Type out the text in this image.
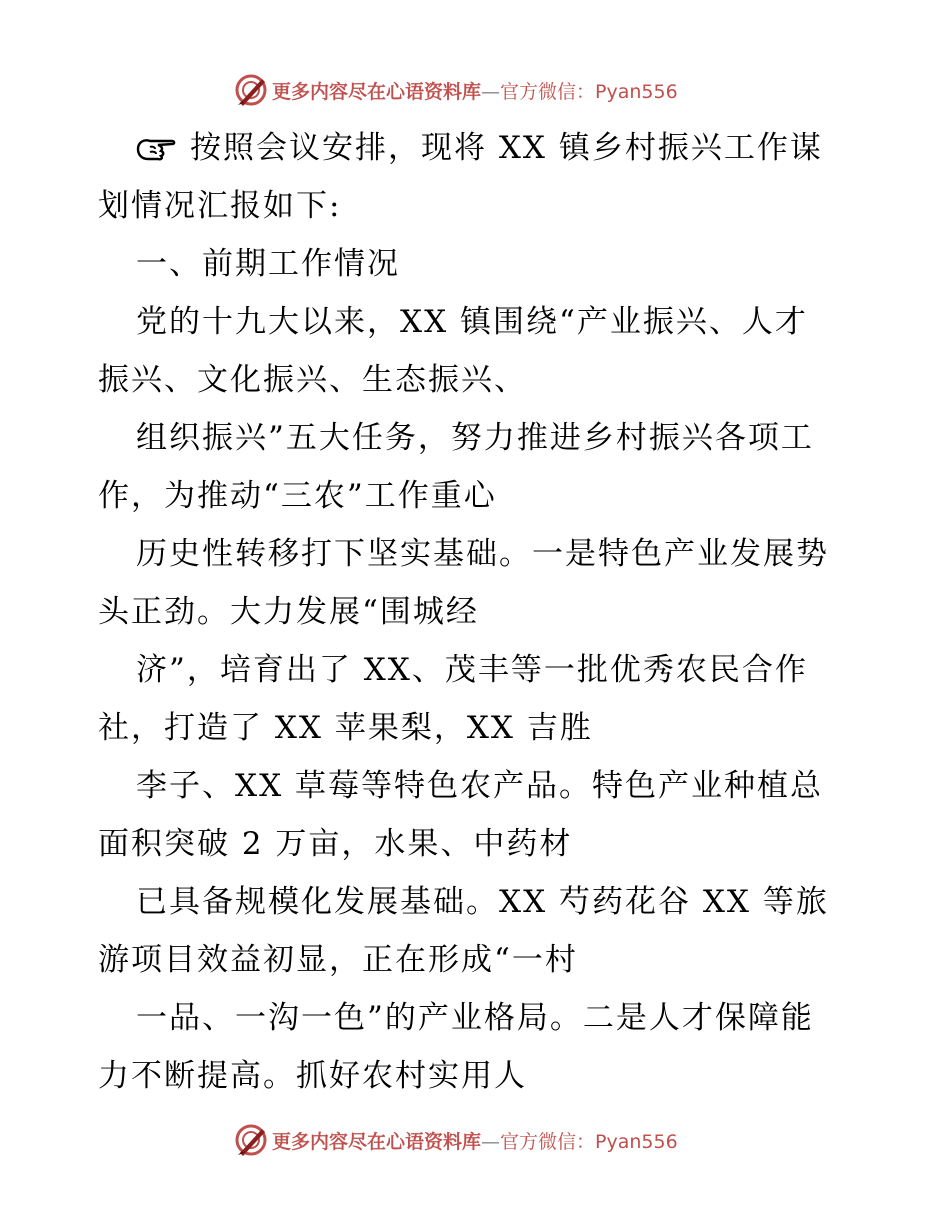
更多内容尽在心语资料库—官方微信：Pyan556
按照会议安排，现将 XX 镇乡村振兴工作谋
划情况汇报如下:
一、前期工作情况
党的十九大以来，XX 镇围绕“产业振兴、人才
振兴、文化振兴、生态振兴、
组织振兴”五大任务，努力推进乡村振兴各项工
作，为推动“三农”工作重心
历史性转移打下坚实基础。一是特色产业发展势
头正劲。大力发展“围城经
济”，培育出了 XX、茂丰等一批优秀农民合作
社，打造了 XX 苹果梨，XX 吉胜
李子、XX 草莓等特色农产品。特色产业种植总
面积突破 2 万亩，水果、中药材
已具备规模化发展基础。XX 芍药花谷 XX 等旅
游项目效益初显，正在形成“一村
一品、一沟一色”的产业格局。二是人才保障能
力不断提高。抓好农村实用人
更多内容尽在心语资料库—官方微信：Pyan556
